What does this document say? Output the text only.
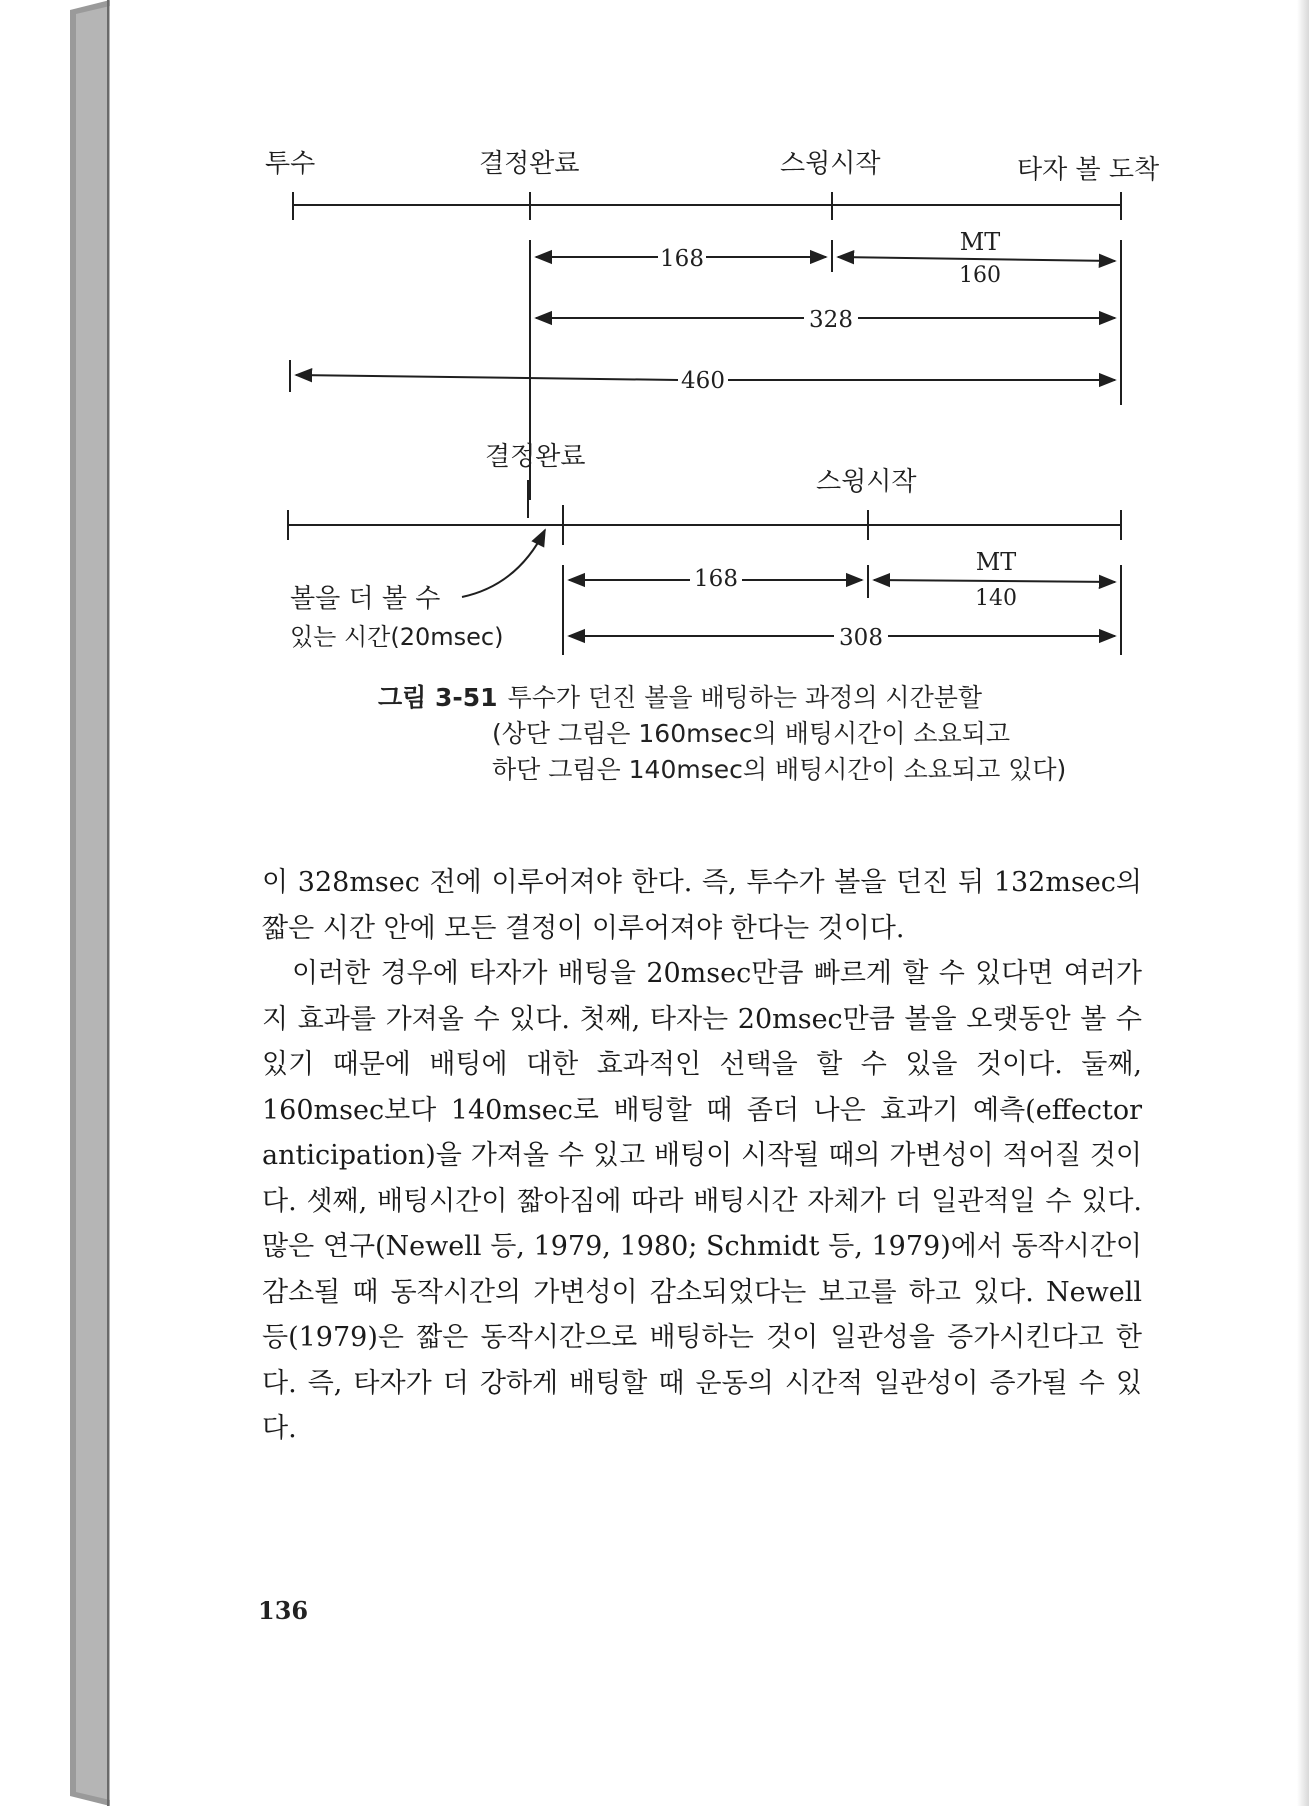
투수	결정완료	스윙시작	타자 볼 도착
168
MT
160
328
460
결정완료
스윙시작
볼을 더 볼 수
있는 시간(20msec)
168
MT
140
308
그림 3-51 투수가 던진 볼을 배팅하는 과정의 시간분할
(상단 그림은 160msec의 배팅시간이 소요되고
하단 그림은 140msec의 배팅시간이 소요되고 있다)

이 328msec 전에 이루어져야 한다. 즉, 투수가 볼을 던진 뒤 132msec의 짧은 시간 안에 모든 결정이 이루어져야 한다는 것이다.

이러한 경우에 타자가 배팅을 20msec만큼 빠르게 할 수 있다면 여러가지 효과를 가져올 수 있다. 첫째, 타자는 20msec만큼 볼을 오랫동안 볼 수 있기 때문에 배팅에 대한 효과적인 선택을 할 수 있을 것이다. 둘째, 160msec보다 140msec로 배팅할 때 좀더 나은 효과기 예측(effector anticipation)을 가져올 수 있고 배팅이 시작될 때의 가변성이 적어질 것이다. 셋째, 배팅시간이 짧아짐에 따라 배팅시간 자체가 더 일관적일 수 있다. 많은 연구(Newell 등, 1979, 1980; Schmidt 등, 1979)에서 동작시간이 감소될 때 동작시간의 가변성이 감소되었다는 보고를 하고 있다. Newell 등(1979)은 짧은 동작시간으로 배팅하는 것이 일관성을 증가시킨다고 한다. 즉, 타자가 더 강하게 배팅할 때 운동의 시간적 일관성이 증가될 수 있다.

136
